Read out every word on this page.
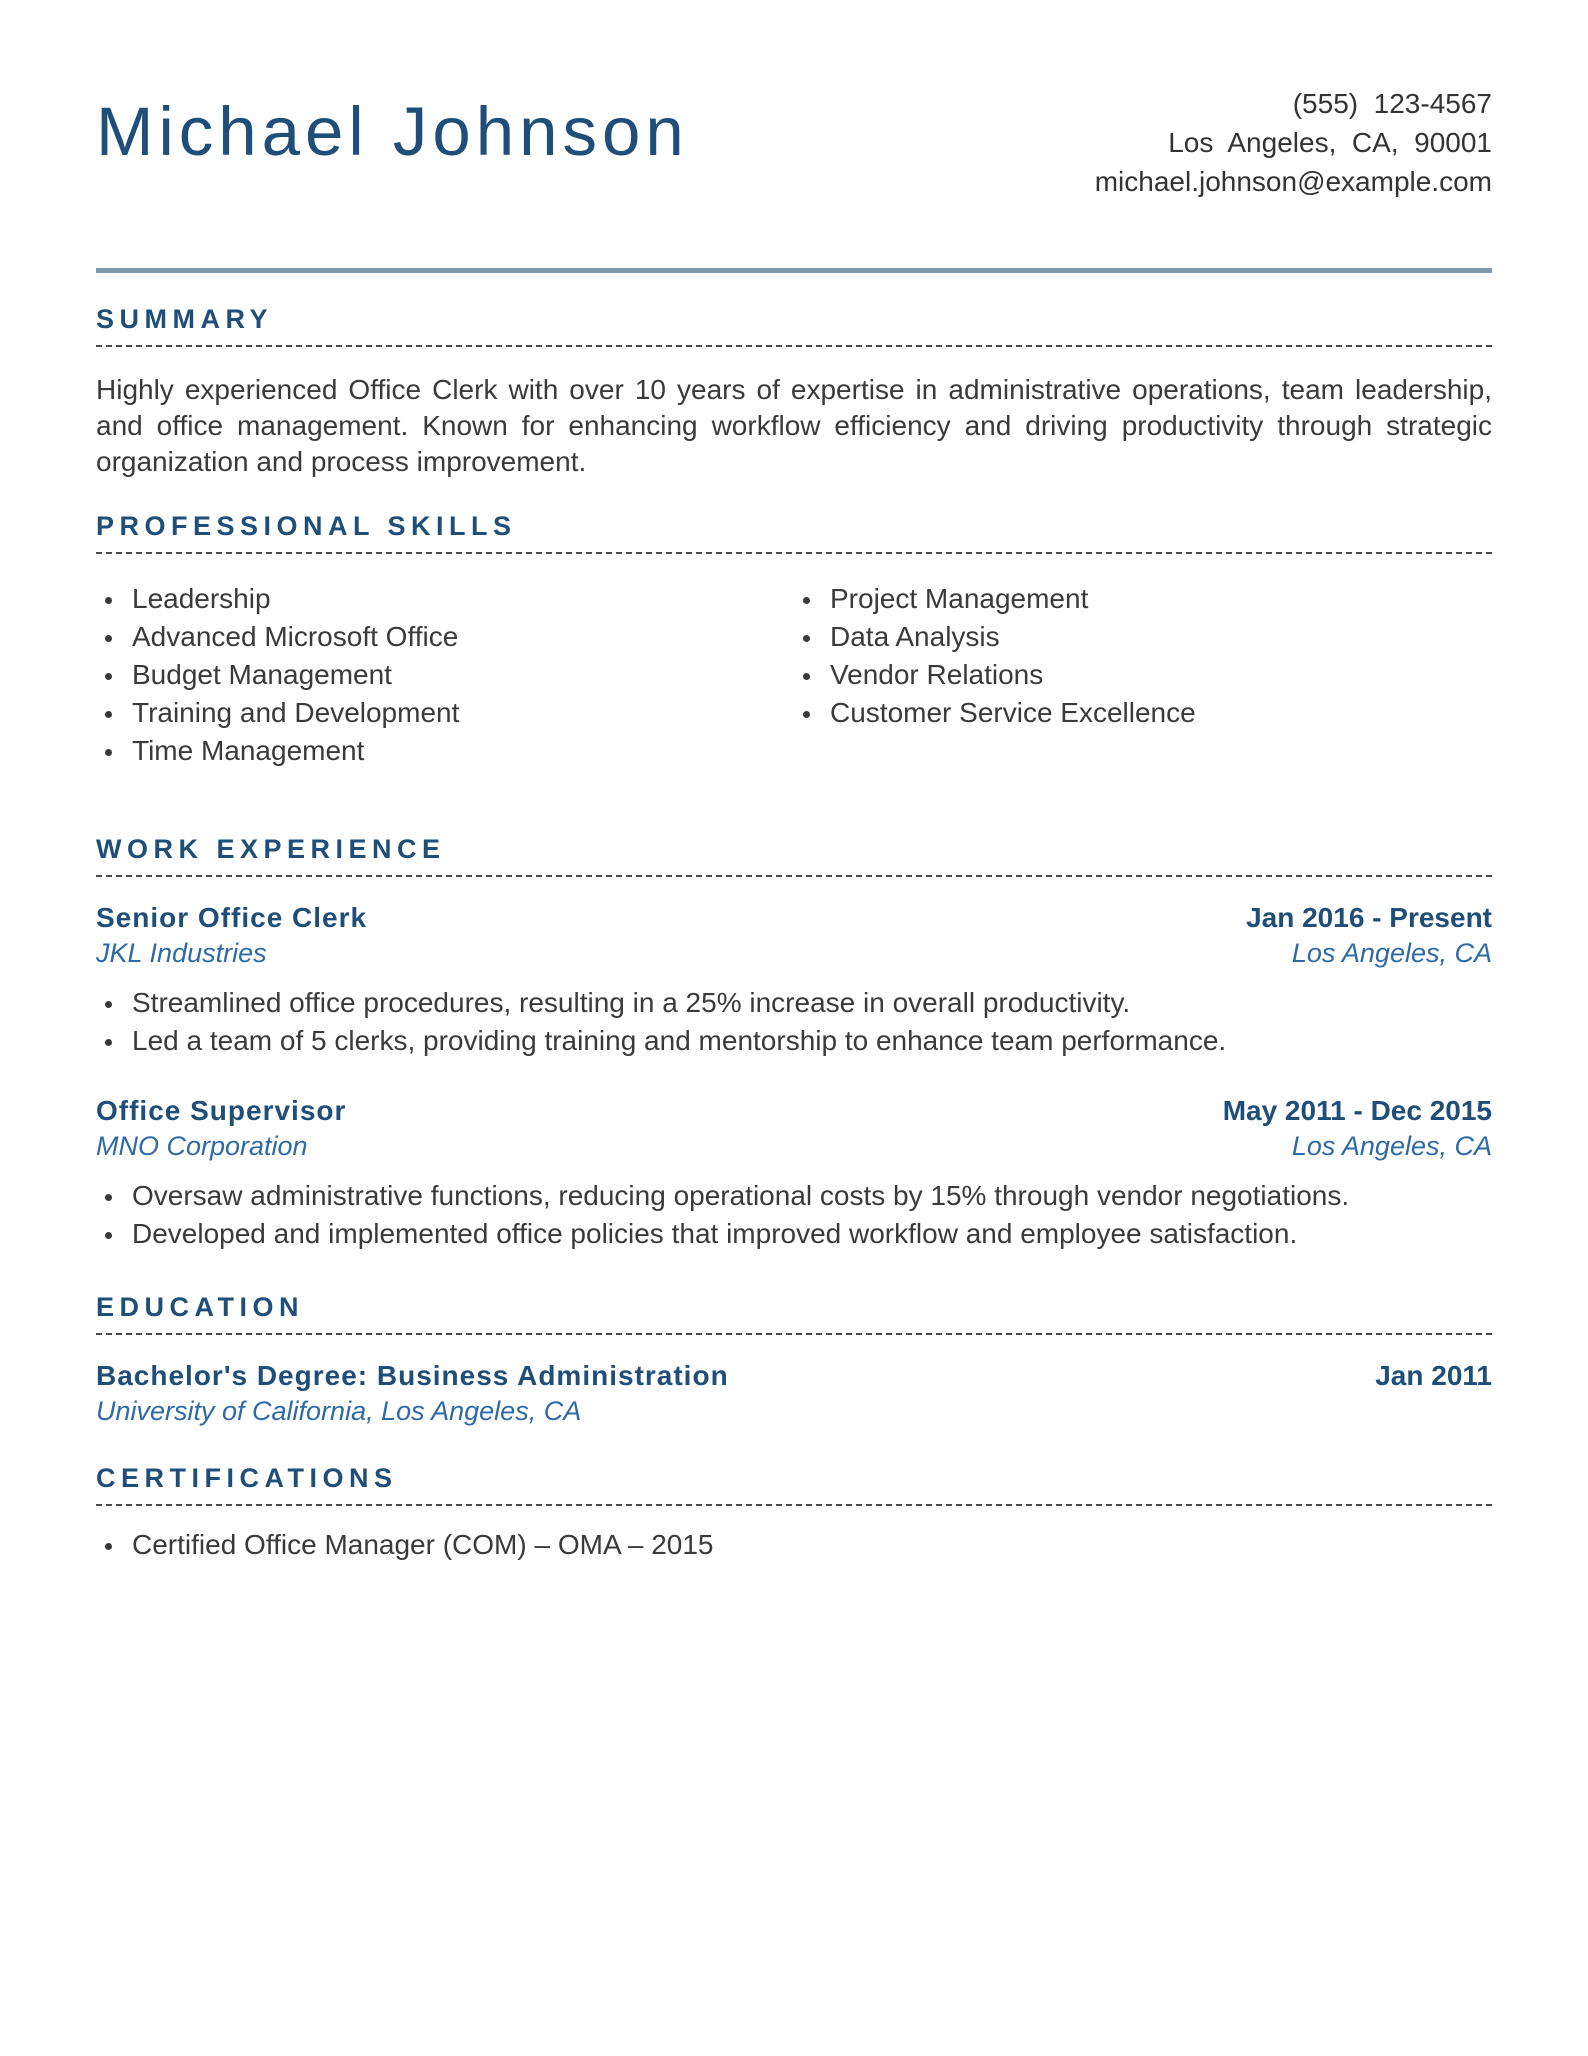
Michael Johnson	(555)  123-4567
Los  Angeles,  CA,  90001
michael.johnson@example.com
SUMMARY

Highly experienced Office Clerk with over 10 years of expertise in administrative operations, team leadership, and office management. Known for enhancing workflow efficiency and driving productivity through strategic organization and process improvement.

PROFESSIONAL SKILLS
Leadership
Advanced Microsoft Office
Budget Management
Training and Development
Time Management
Project Management
Data Analysis
Vendor Relations
Customer Service Excellence
WORK EXPERIENCE
Senior Office Clerk	Jan 2016 - Present
JKL Industries	Los Angeles, CA
Streamlined office procedures, resulting in a 25% increase in overall productivity.
Led a team of 5 clerks, providing training and mentorship to enhance team performance.
Office Supervisor	May 2011 - Dec 2015
MNO Corporation	Los Angeles, CA
Oversaw administrative functions, reducing operational costs by 15% through vendor negotiations.
Developed and implemented office policies that improved workflow and employee satisfaction.
EDUCATION
Bachelor's Degree: Business Administration	Jan 2011
University of California, Los Angeles, CA
CERTIFICATIONS
Certified Office Manager (COM) – OMA – 2015
